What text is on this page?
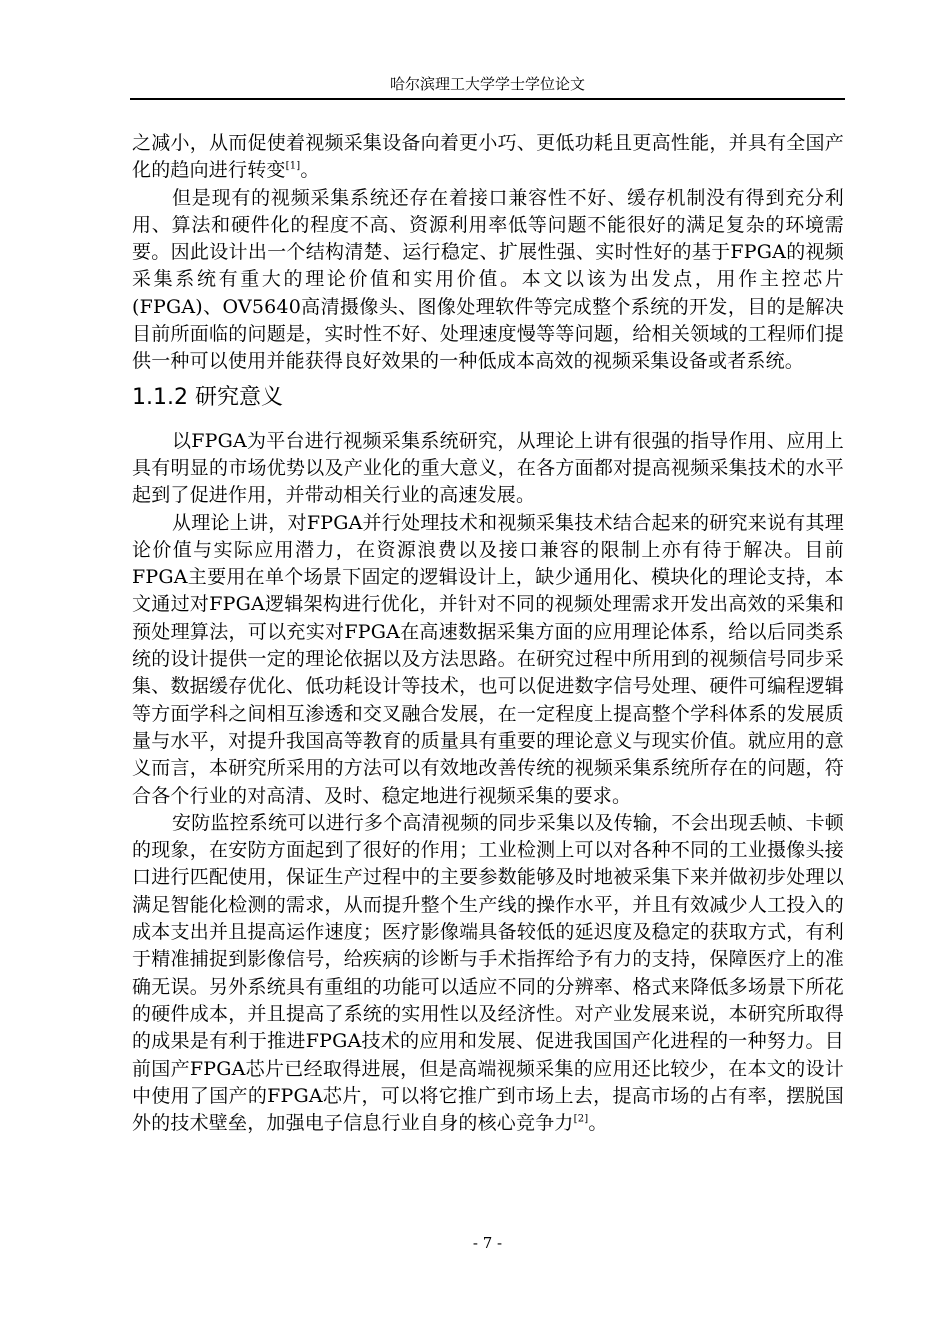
哈尔滨理工大学学士学位论文

之减小，从而促使着视频采集设备向着更小巧、更低功耗且更高性能，并具有全国产化的趋向进行转变[1]。

但是现有的视频采集系统还存在着接口兼容性不好、缓存机制没有得到充分利用、算法和硬件化的程度不高、资源利用率低等问题不能很好的满足复杂的环境需要。因此设计出一个结构清楚、运行稳定、扩展性强、实时性好的基于FPGA的视频采集系统有重大的理论价值和实用价值。本文以该为出发点，用作主控芯片(FPGA)、OV5640高清摄像头、图像处理软件等完成整个系统的开发，目的是解决目前所面临的问题是，实时性不好、处理速度慢等等问题，给相关领域的工程师们提供一种可以使用并能获得良好效果的一种低成本高效的视频采集设备或者系统。

1.1.2 研究意义

以FPGA为平台进行视频采集系统研究，从理论上讲有很强的指导作用、应用上具有明显的市场优势以及产业化的重大意义，在各方面都对提高视频采集技术的水平起到了促进作用，并带动相关行业的高速发展。

从理论上讲，对FPGA并行处理技术和视频采集技术结合起来的研究来说有其理论价值与实际应用潜力，在资源浪费以及接口兼容的限制上亦有待于解决。目前FPGA主要用在单个场景下固定的逻辑设计上，缺少通用化、模块化的理论支持，本文通过对FPGA逻辑架构进行优化，并针对不同的视频处理需求开发出高效的采集和预处理算法，可以充实对FPGA在高速数据采集方面的应用理论体系，给以后同类系统的设计提供一定的理论依据以及方法思路。在研究过程中所用到的视频信号同步采集、数据缓存优化、低功耗设计等技术，也可以促进数字信号处理、硬件可编程逻辑等方面学科之间相互渗透和交叉融合发展，在一定程度上提高整个学科体系的发展质量与水平，对提升我国高等教育的质量具有重要的理论意义与现实价值。就应用的意义而言，本研究所采用的方法可以有效地改善传统的视频采集系统所存在的问题，符合各个行业的对高清、及时、稳定地进行视频采集的要求。

安防监控系统可以进行多个高清视频的同步采集以及传输，不会出现丢帧、卡顿的现象，在安防方面起到了很好的作用；工业检测上可以对各种不同的工业摄像头接口进行匹配使用，保证生产过程中的主要参数能够及时地被采集下来并做初步处理以满足智能化检测的需求，从而提升整个生产线的操作水平，并且有效减少人工投入的成本支出并且提高运作速度；医疗影像端具备较低的延迟度及稳定的获取方式，有利于精准捕捉到影像信号，给疾病的诊断与手术指挥给予有力的支持，保障医疗上的准确无误。另外系统具有重组的功能可以适应不同的分辨率、格式来降低多场景下所花的硬件成本，并且提高了系统的实用性以及经济性。对产业发展来说，本研究所取得的成果是有利于推进FPGA技术的应用和发展、促进我国国产化进程的一种努力。目前国产FPGA芯片已经取得进展，但是高端视频采集的应用还比较少，在本文的设计中使用了国产的FPGA芯片，可以将它推广到市场上去，提高市场的占有率，摆脱国外的技术壁垒，加强电子信息行业自身的核心竞争力[2]。

- 7 -
